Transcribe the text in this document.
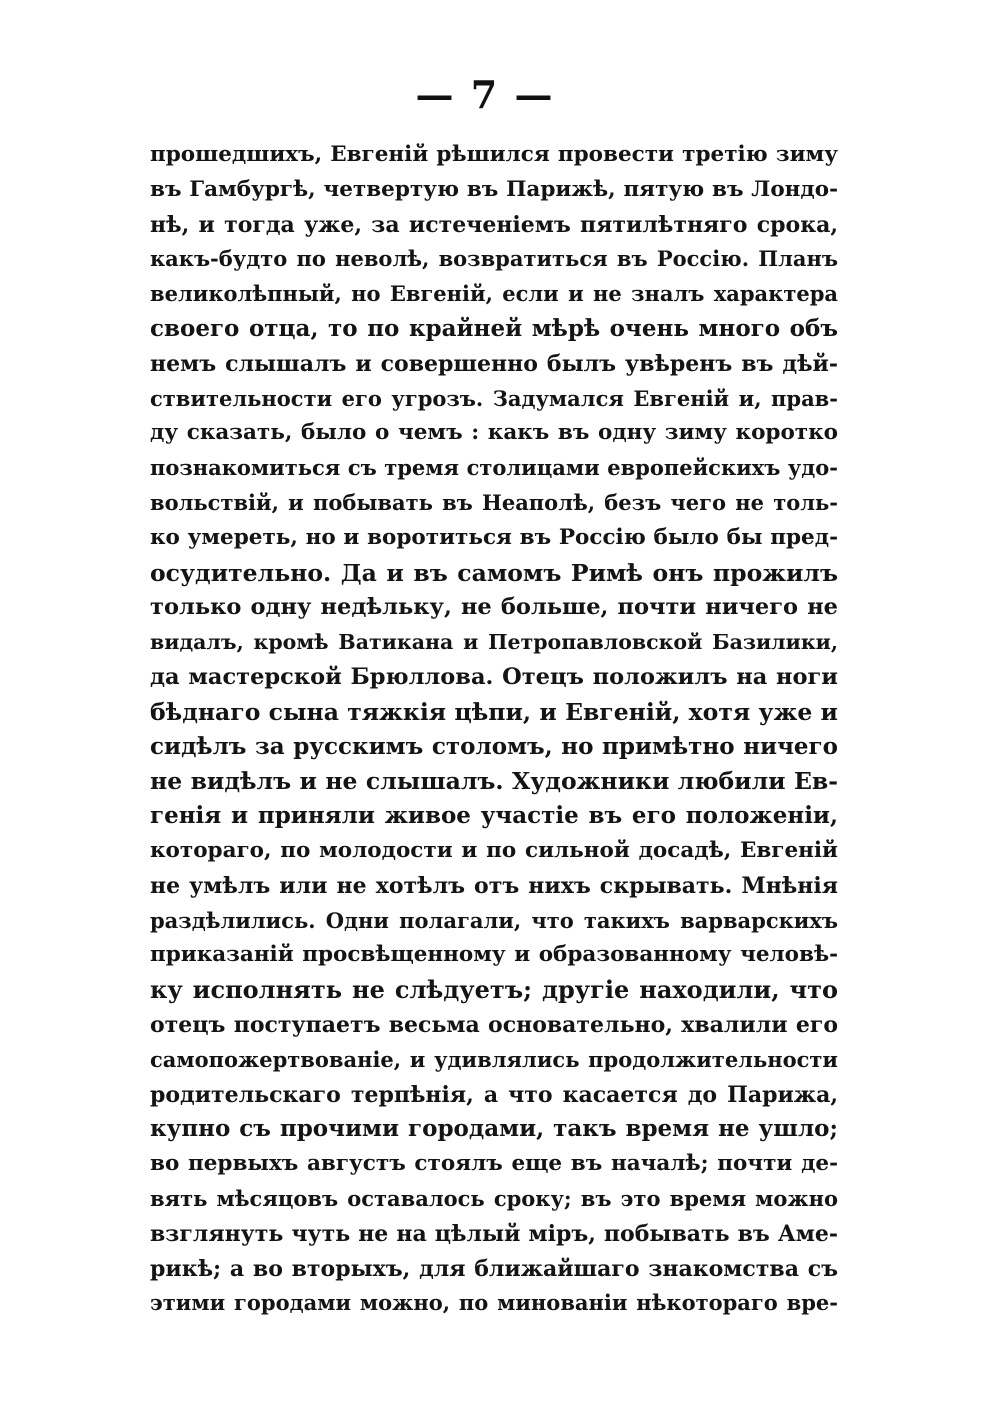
— 7 —
прошедшихъ, Евгеній рѣшился провести третію зиму
въ Гамбургѣ, четвертую въ Парижѣ, пятую въ Лондо-
нѣ, и тогда уже, за истеченіемъ пятилѣтняго срока,
какъ-будто по неволѣ, возвратиться въ Россію. Планъ
великолѣпный, но Евгеній, если и не зналъ характера
своего отца, то по крайней мѣрѣ очень много объ
немъ слышалъ и совершенно былъ увѣренъ въ дѣй-
ствительности его угрозъ. Задумался Евгеній и, прав-
ду сказать, было о чемъ : какъ въ одну зиму коротко
познакомиться съ тремя столицами европейскихъ удо-
вольствій, и побывать въ Неаполѣ, безъ чего не толь-
ко умереть, но и воротиться въ Россію было бы пред-
осудительно. Да и въ самомъ Римѣ онъ прожилъ
только одну недѣльку, не больше, почти ничего не
видалъ, кромѣ Ватикана и Петропавловской Базилики,
да мастерской Брюллова. Отецъ положилъ на ноги
бѣднаго сына тяжкія цѣпи, и Евгеній, хотя уже и
сидѣлъ за русскимъ столомъ, но примѣтно ничего
не видѣлъ и не слышалъ. Художники любили Ев-
генія и приняли живое участіе въ его положеніи,
котораго, по молодости и по сильной досадѣ, Евгеній
не умѣлъ или не хотѣлъ отъ нихъ скрывать. Мнѣнія
раздѣлились. Одни полагали, что такихъ варварскихъ
приказаній просвѣщенному и образованному человѣ-
ку исполнять не слѣдуетъ; другіе находили, что
отецъ поступаетъ весьма основательно, хвалили его
самопожертвованіе, и удивлялись продолжительности
родительскаго терпѣнія, а что касается до Парижа,
купно съ прочими городами, такъ время не ушло;
во первыхъ августъ стоялъ еще въ началѣ; почти де-
вять мѣсяцовъ оставалось сроку; въ это время можно
взглянуть чуть не на цѣлый міръ, побывать въ Аме-
рикѣ; а во вторыхъ, для ближайшаго знакомства съ
этими городами можно, по минованіи нѣкотораго вре-
